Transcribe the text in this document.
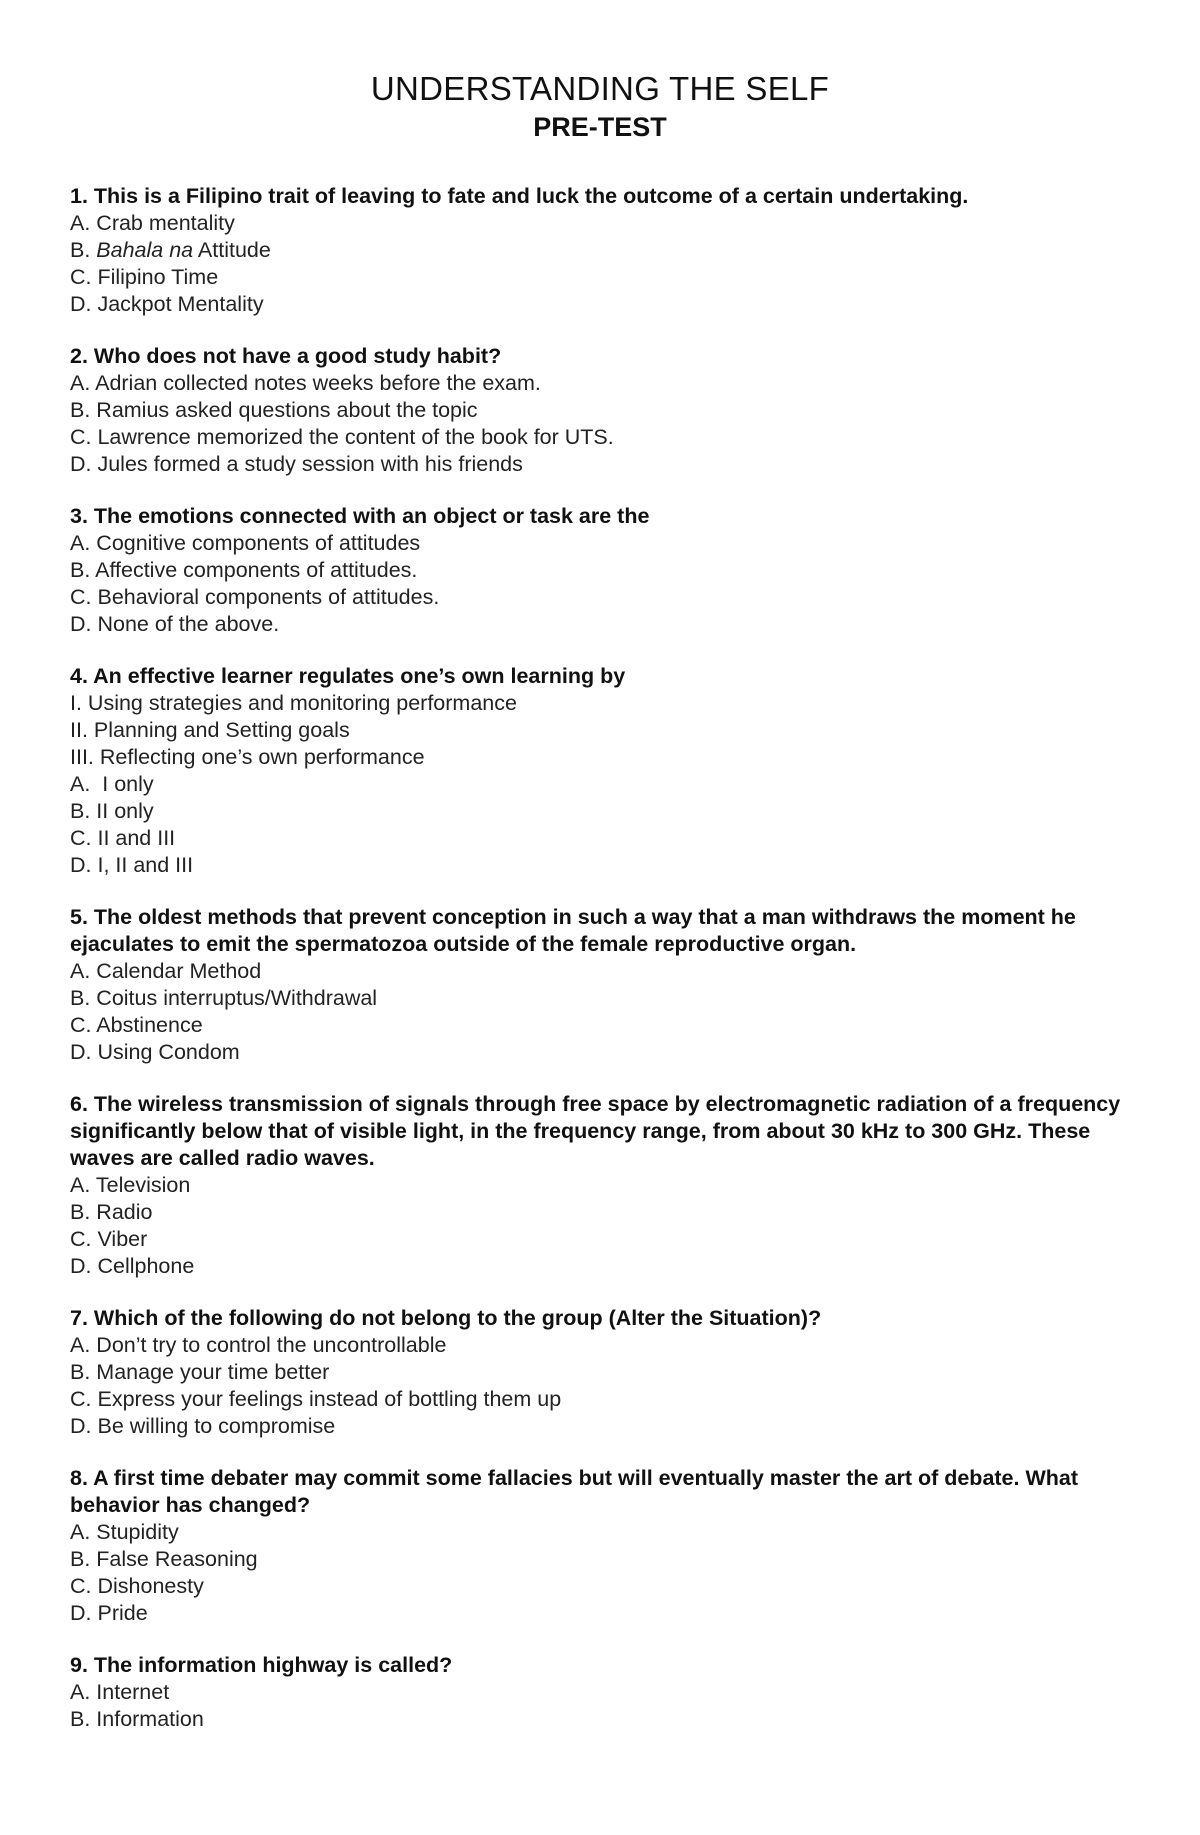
UNDERSTANDING THE SELF
PRE-TEST

1. This is a Filipino trait of leaving to fate and luck the outcome of a certain undertaking.

A. Crab mentality

B. Bahala na Attitude

C. Filipino Time

D. Jackpot Mentality

2. Who does not have a good study habit?

A. Adrian collected notes weeks before the exam.

B. Ramius asked questions about the topic

C. Lawrence memorized the content of the book for UTS.

D. Jules formed a study session with his friends

3. The emotions connected with an object or task are the

A. Cognitive components of attitudes

B. Affective components of attitudes.

C. Behavioral components of attitudes.

D. None of the above.

4. An effective learner regulates one’s own learning by

I. Using strategies and monitoring performance

II. Planning and Setting goals

III. Reflecting one’s own performance

A.  I only

B. II only

C. II and III

D. I, II and III

5. The oldest methods that prevent conception in such a way that a man withdraws the moment he ejaculates to emit the spermatozoa outside of the female reproductive organ.

A. Calendar Method

B. Coitus interruptus/Withdrawal

C. Abstinence

D. Using Condom

6. The wireless transmission of signals through free space by electromagnetic radiation of a frequency significantly below that of visible light, in the frequency range, from about 30 kHz to 300 GHz. These waves are called radio waves.

A. Television

B. Radio

C. Viber

D. Cellphone

7. Which of the following do not belong to the group (Alter the Situation)?

A. Don’t try to control the uncontrollable

B. Manage your time better

C. Express your feelings instead of bottling them up

D. Be willing to compromise

8. A first time debater may commit some fallacies but will eventually master the art of debate. What behavior has changed?

A. Stupidity

B. False Reasoning

C. Dishonesty

D. Pride

9. The information highway is called?

A. Internet

B. Information
